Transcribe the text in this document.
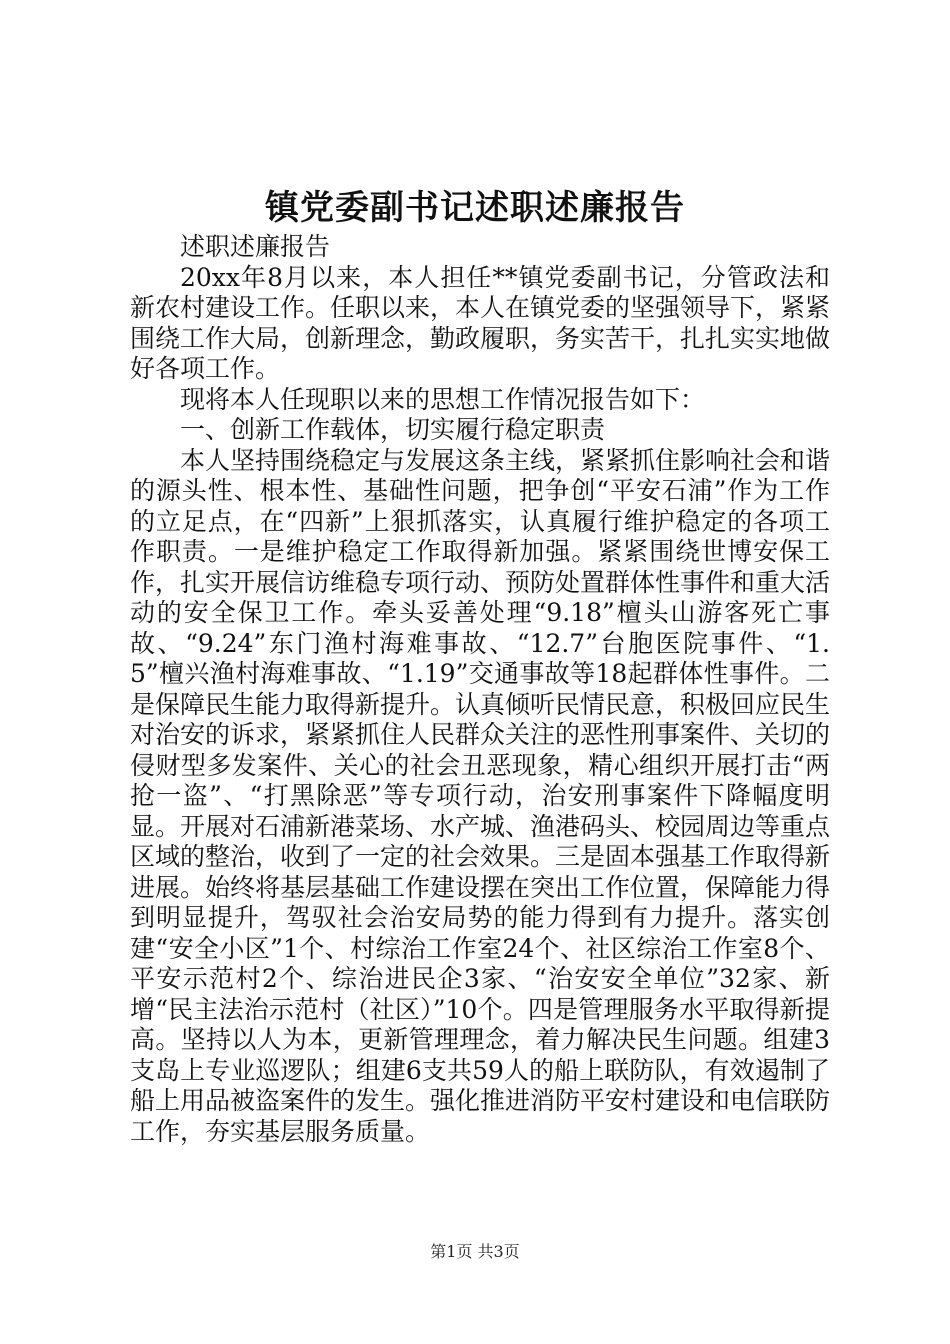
镇党委副书记述职述廉报告

述职述廉报告

20xx年8月以来，本人担任**镇党委副书记，分管政法和新农村建设工作。任职以来，本人在镇党委的坚强领导下，紧紧围绕工作大局，创新理念，勤政履职，务实苦干，扎扎实实地做好各项工作。

现将本人任现职以来的思想工作情况报告如下：

一、创新工作载体，切实履行稳定职责

本人坚持围绕稳定与发展这条主线，紧紧抓住影响社会和谐的源头性、根本性、基础性问题，把争创“平安石浦”作为工作的立足点，在“四新”上狠抓落实，认真履行维护稳定的各项工作职责。一是维护稳定工作取得新加强。紧紧围绕世博安保工作，扎实开展信访维稳专项行动、预防处置群体性事件和重大活动的安全保卫工作。牵头妥善处理“9.18”檀头山游客死亡事故、“9.24”东门渔村海难事故、“12.7”台胞医院事件、“1.5”檀兴渔村海难事故、“1.19”交通事故等18起群体性事件。二是保障民生能力取得新提升。认真倾听民情民意，积极回应民生对治安的诉求，紧紧抓住人民群众关注的恶性刑事案件、关切的侵财型多发案件、关心的社会丑恶现象，精心组织开展打击“两抢一盗”、“打黑除恶”等专项行动，治安刑事案件下降幅度明显。开展对石浦新港菜场、水产城、渔港码头、校园周边等重点区域的整治，收到了一定的社会效果。三是固本强基工作取得新进展。始终将基层基础工作建设摆在突出工作位置，保障能力得到明显提升，驾驭社会治安局势的能力得到有力提升。落实创建“安全小区”1个、村综治工作室24个、社区综治工作室8个、平安示范村2个、综治进民企3家、“治安安全单位”32家、新增“民主法治示范村（社区）”10个。四是管理服务水平取得新提高。坚持以人为本，更新管理理念，着力解决民生问题。组建3支岛上专业巡逻队；组建6支共59人的船上联防队，有效遏制了船上用品被盗案件的发生。强化推进消防平安村建设和电信联防工作，夯实基层服务质量。

第1页 共3页
